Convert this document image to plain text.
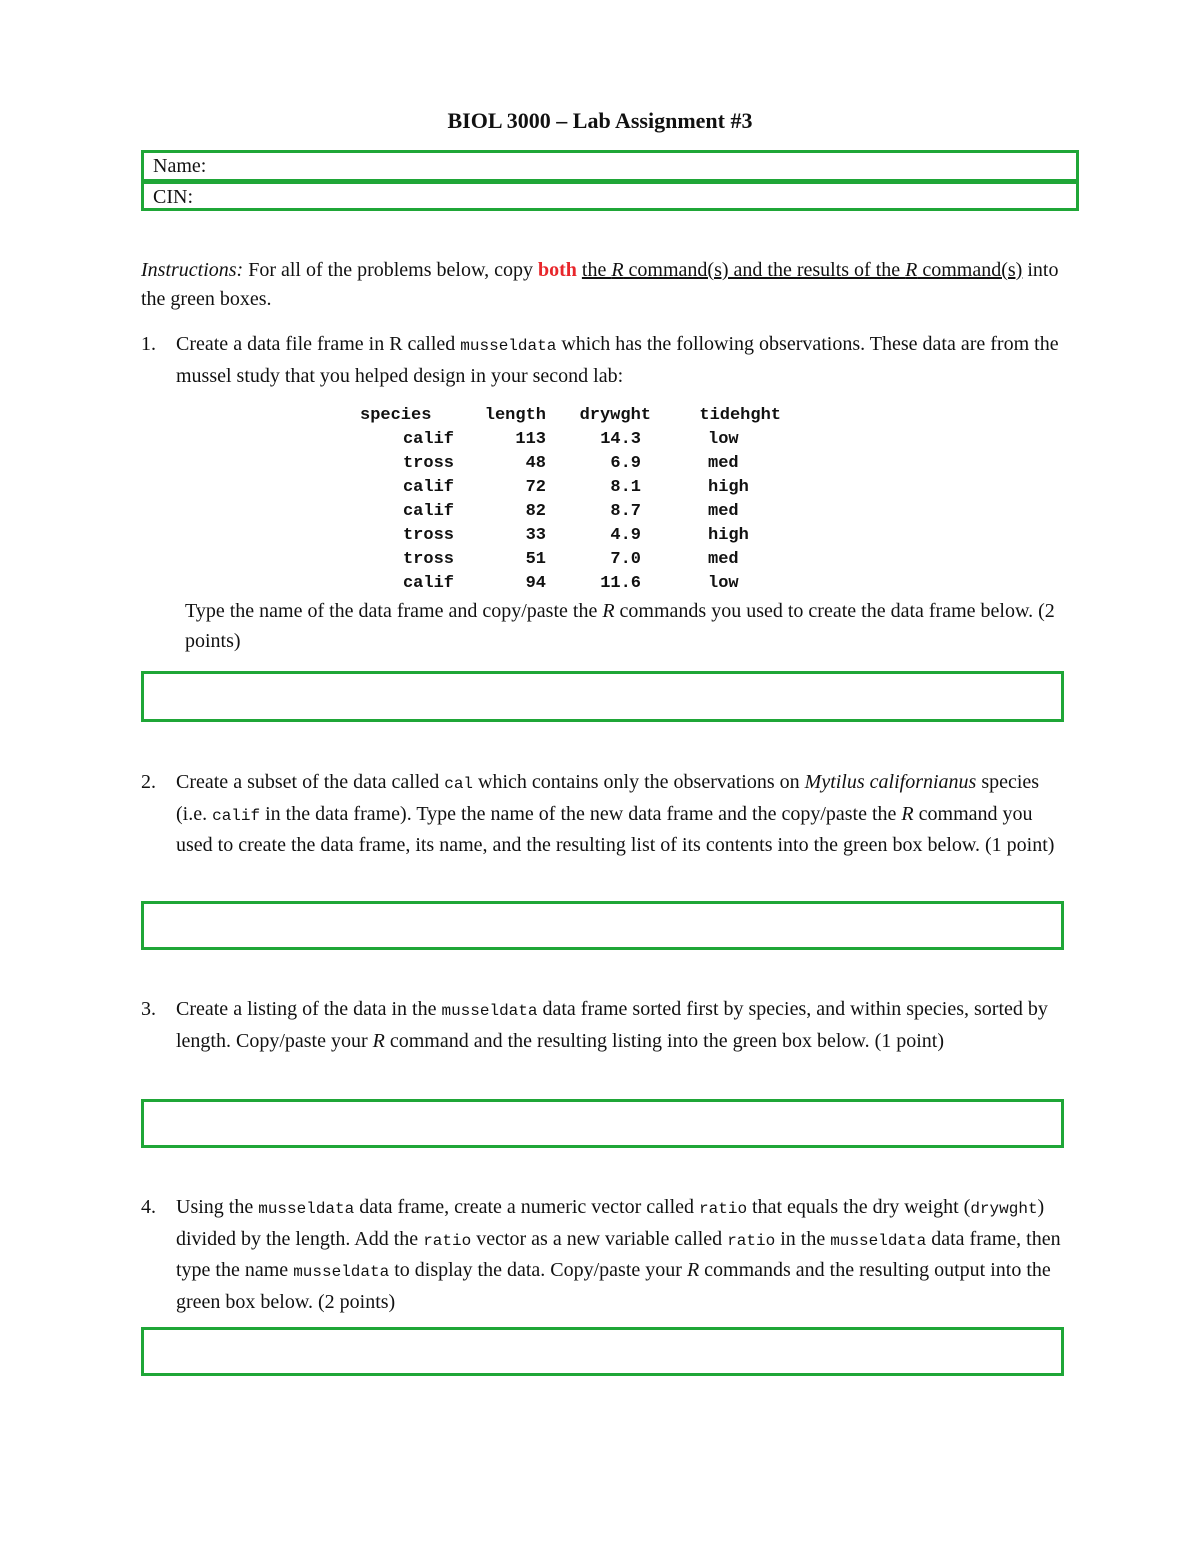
BIOL 3000 – Lab Assignment #3
Name:
CIN:
Instructions: For all of the problems below, copy both the R command(s) and the results of the R command(s) into the green boxes.
1.	Create a data file frame in R called musseldata which has the following observations. These data are from the mussel study that you helped design in your second lab:
species	length	drywght	tidehght
calif	113	14.3	low
tross	48	6.9	med
calif	72	8.1	high
calif	82	8.7	med
tross	33	4.9	high
tross	51	7.0	med
calif	94	11.6	low
Type the name of the data frame and copy/paste the R commands you used to create the data frame below. (2 points)
2.	Create a subset of the data called cal which contains only the observations on Mytilus californianus species (i.e. calif in the data frame). Type the name of the new data frame and the copy/paste the R command you used to create the data frame, its name, and the resulting list of its contents into the green box below. (1 point)
3.	Create a listing of the data in the musseldata data frame sorted first by species, and within species, sorted by length. Copy/paste your R command and the resulting listing into the green box below. (1 point)
4.	Using the musseldata data frame, create a numeric vector called ratio that equals the dry weight (drywght) divided by the length. Add the ratio vector as a new variable called ratio in the musseldata data frame, then type the name musseldata to display the data. Copy/paste your R commands and the resulting output into the green box below. (2 points)
